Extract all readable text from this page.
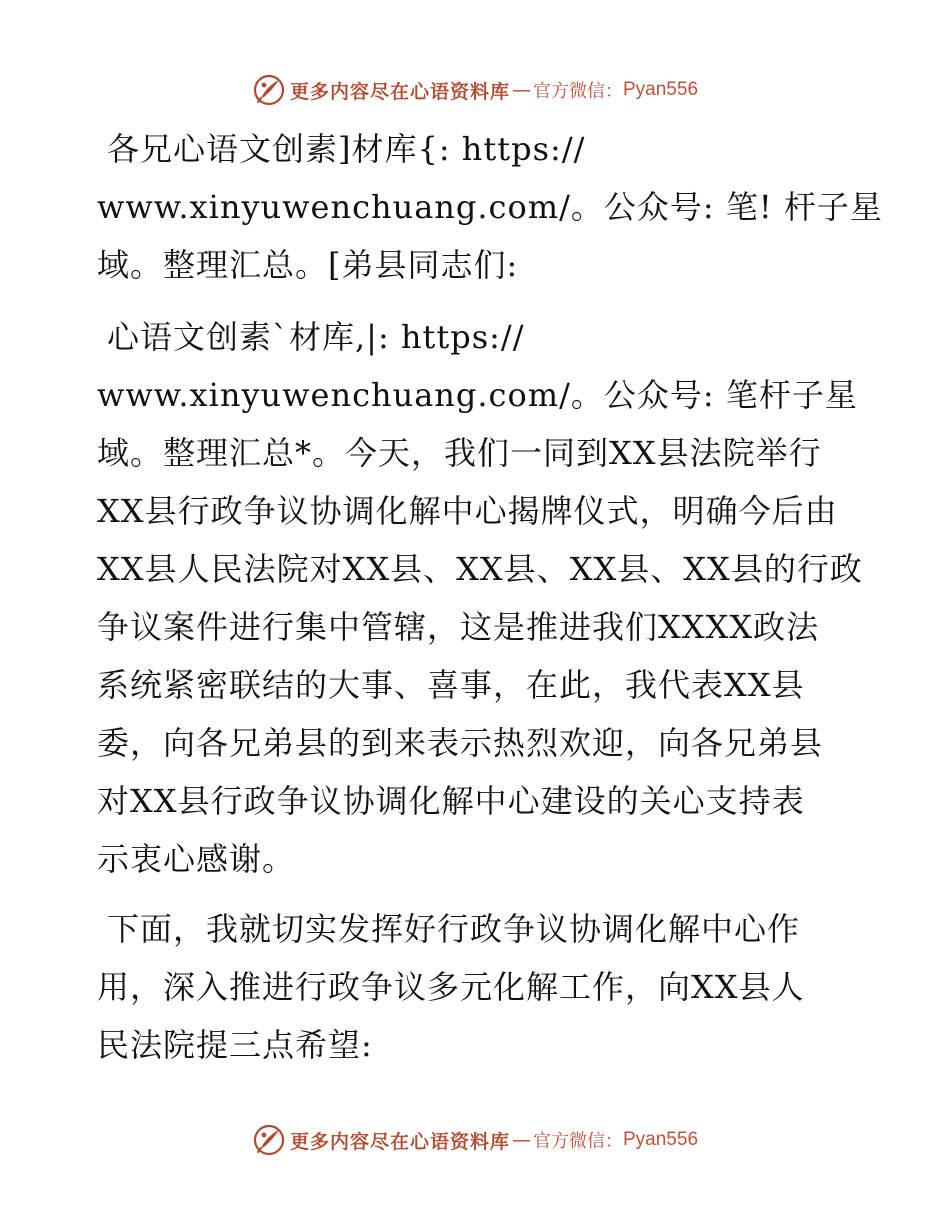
更多内容尽在心语资料库 — 官方微信： Pyan556

各兄心语文创素]材库{: https://
www.xinyuwenchuang.com/。公众号: 笔! 杆子星
域。整理汇总。[弟县同志们:

心语文创素`材库,|: https://
www.xinyuwenchuang.com/。公众号: 笔杆子星
域。整理汇总*。今天，我们一同到XX县法院举行
XX县行政争议协调化解中心揭牌仪式，明确今后由
XX县人民法院对XX县、XX县、XX县、XX县的行政
争议案件进行集中管辖，这是推进我们XXXX政法
系统紧密联结的大事、喜事，在此，我代表XX县
委，向各兄弟县的到来表示热烈欢迎，向各兄弟县
对XX县行政争议协调化解中心建设的关心支持表
示衷心感谢。

下面，我就切实发挥好行政争议协调化解中心作
用，深入推进行政争议多元化解工作，向XX县人
民法院提三点希望:

更多内容尽在心语资料库 — 官方微信： Pyan556
